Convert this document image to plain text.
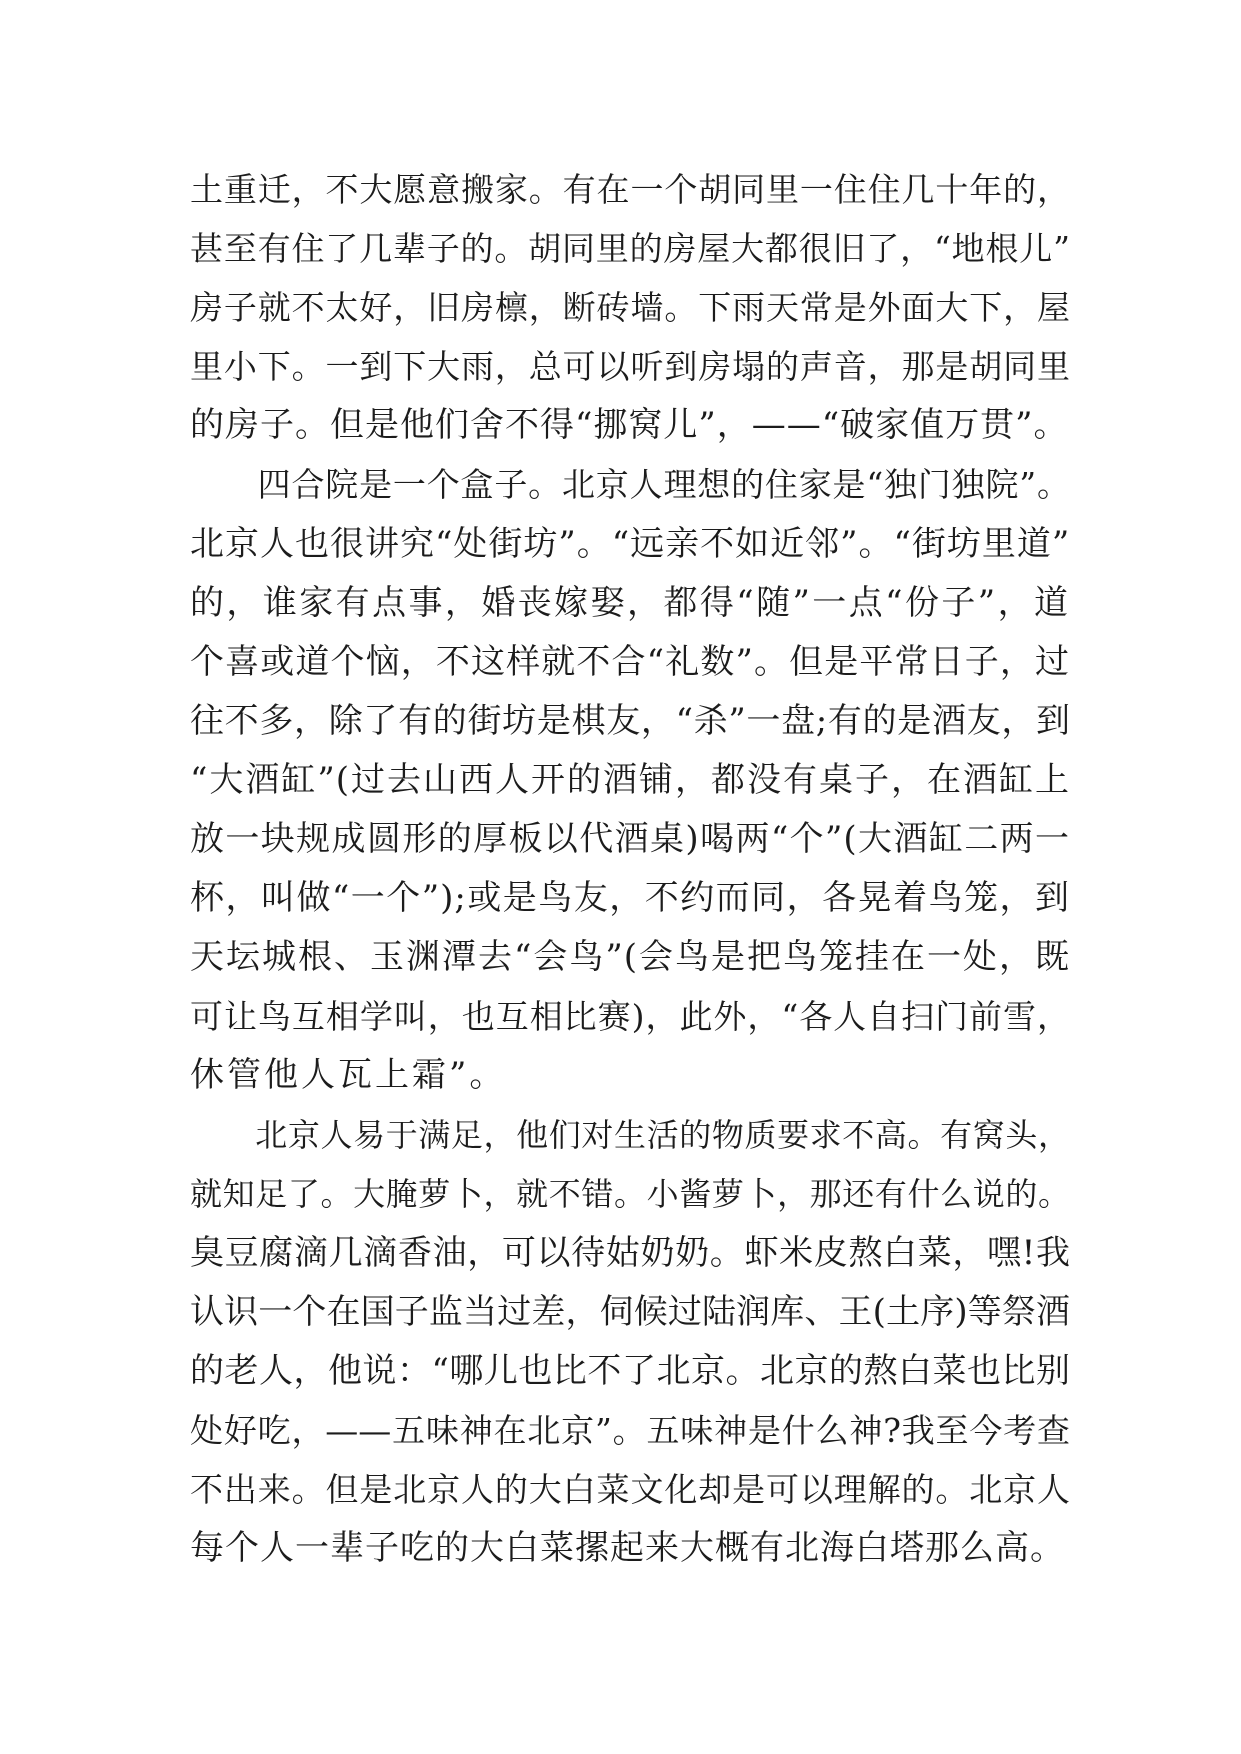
土重迁，不大愿意搬家。有在一个胡同里一住住几十年的，
甚至有住了几辈子的。胡同里的房屋大都很旧了，“地根儿”
房子就不太好，旧房檩，断砖墙。下雨天常是外面大下，屋
里小下。一到下大雨，总可以听到房塌的声音，那是胡同里
的房子。但是他们舍不得“挪窝儿”，——“破家值万贯”。
　　四合院是一个盒子。北京人理想的住家是“独门独院”。
北京人也很讲究“处街坊”。“远亲不如近邻”。“街坊里道”
的，谁家有点事，婚丧嫁娶，都得“随”一点“份子”，道
个喜或道个恼，不这样就不合“礼数”。但是平常日子，过
往不多，除了有的街坊是棋友，“杀”一盘;有的是酒友，到
“大酒缸”(过去山西人开的酒铺，都没有桌子，在酒缸上
放一块规成圆形的厚板以代酒桌)喝两“个”(大酒缸二两一
杯，叫做“一个”);或是鸟友，不约而同，各晃着鸟笼，到
天坛城根、玉渊潭去“会鸟”(会鸟是把鸟笼挂在一处，既
可让鸟互相学叫，也互相比赛)，此外，“各人自扫门前雪，
休管他人瓦上霜”。
　　北京人易于满足，他们对生活的物质要求不高。有窝头，
就知足了。大腌萝卜，就不错。小酱萝卜，那还有什么说的。
臭豆腐滴几滴香油，可以待姑奶奶。虾米皮熬白菜，嘿!我
认识一个在国子监当过差，伺候过陆润库、王(土序)等祭酒
的老人，他说：“哪儿也比不了北京。北京的熬白菜也比别
处好吃，——五味神在北京”。五味神是什么神?我至今考查
不出来。但是北京人的大白菜文化却是可以理解的。北京人
每个人一辈子吃的大白菜摞起来大概有北海白塔那么高。
